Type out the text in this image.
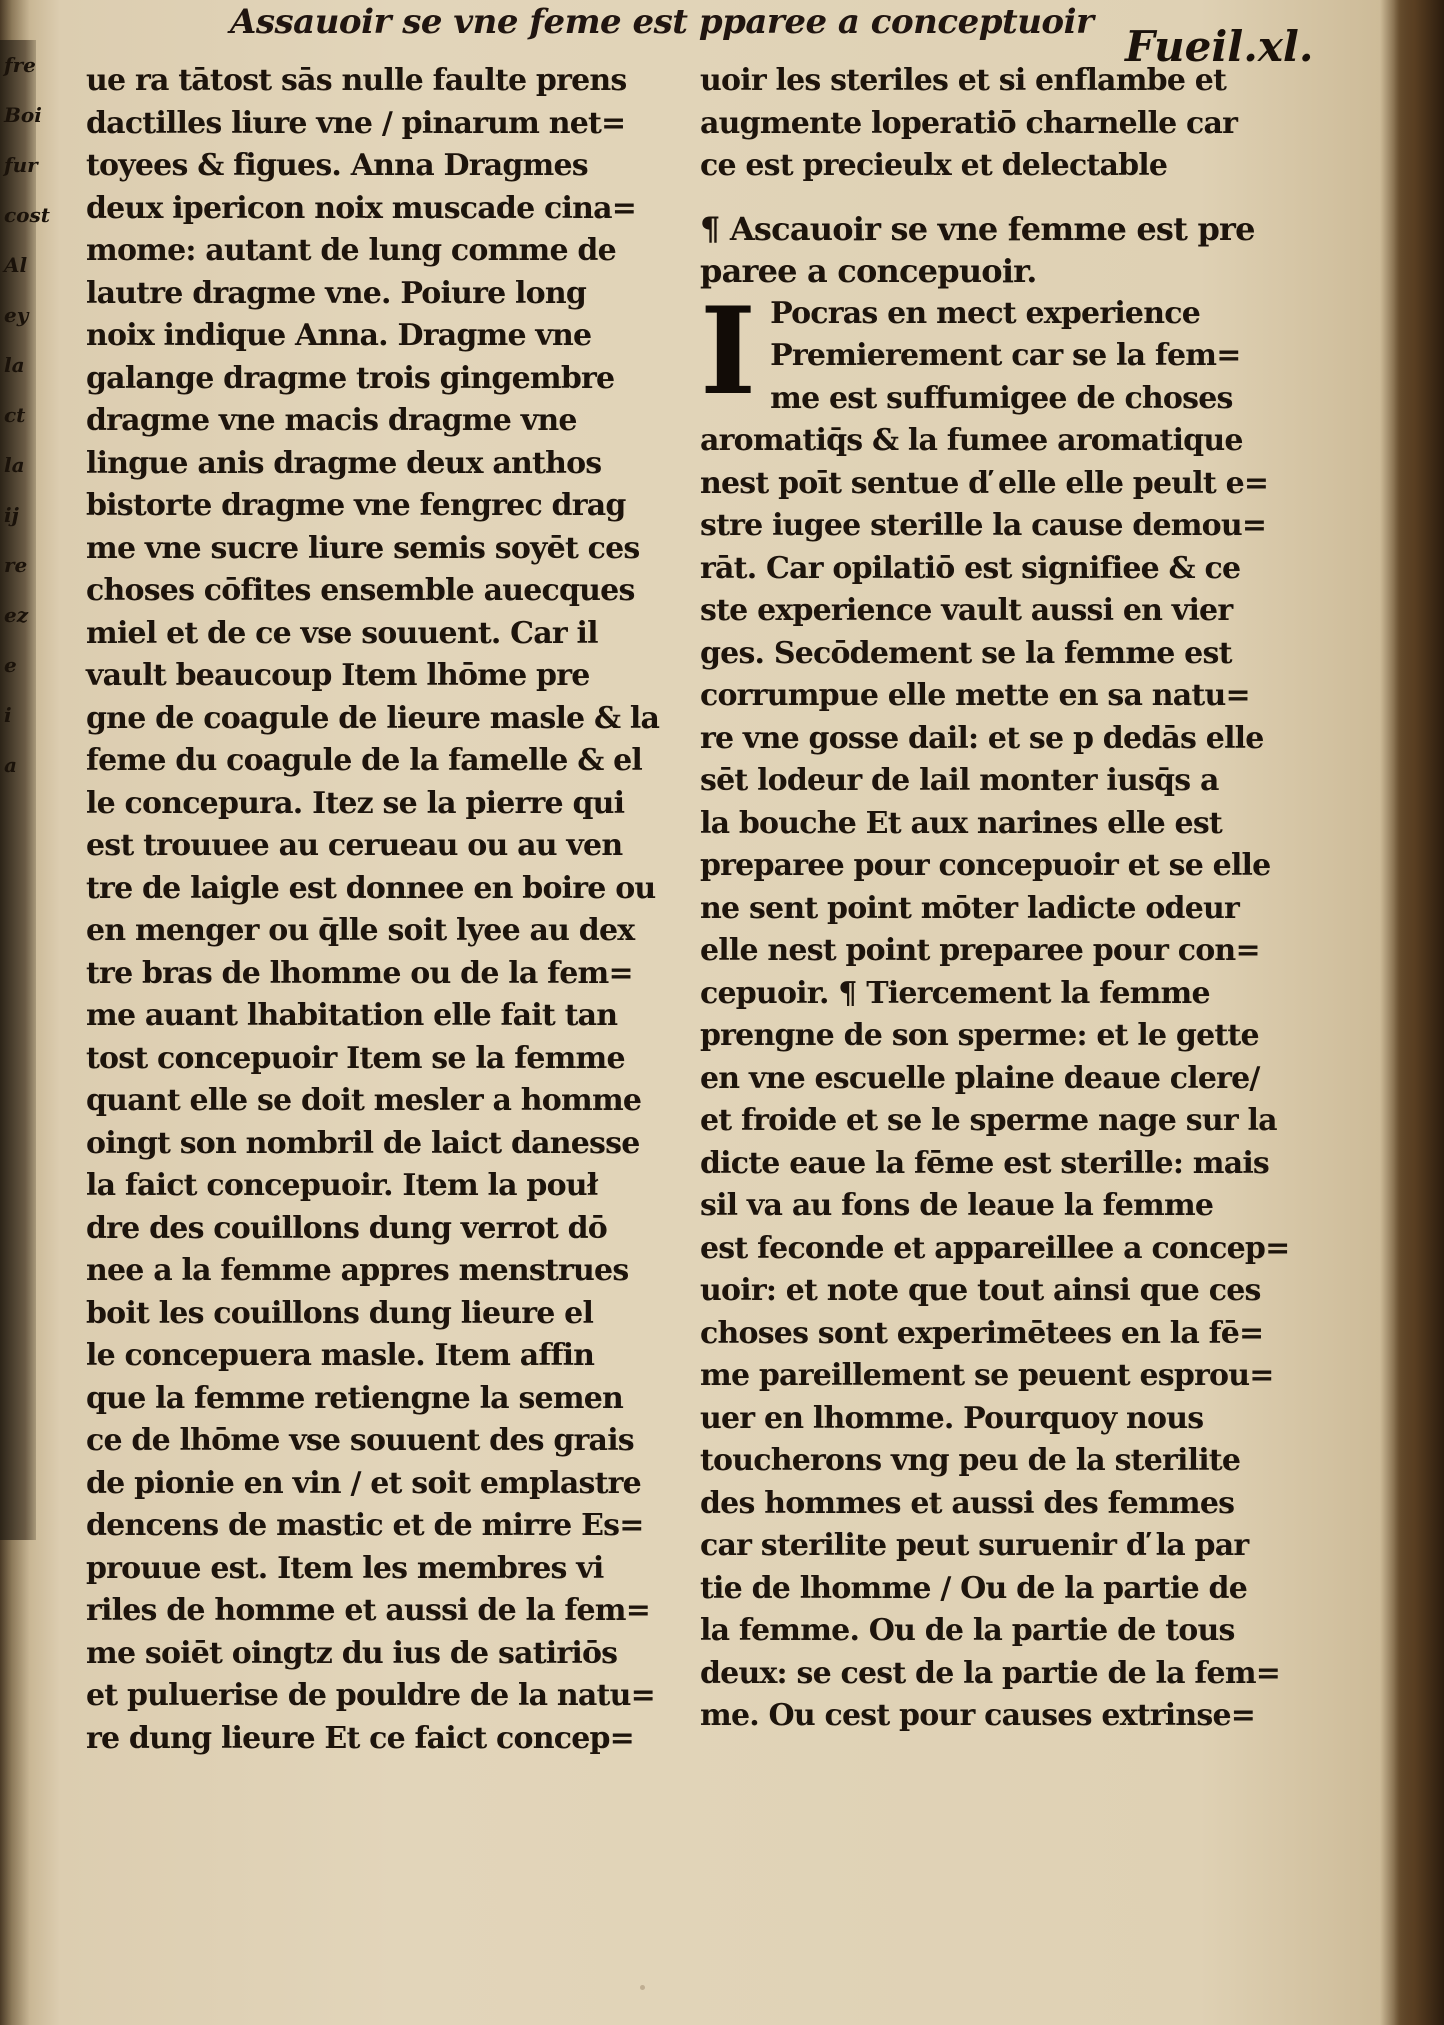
fre
Boi
fur
cost
Al
ey
la
ct
la
ij
re
ez
e
i
a
Assauoir se vne feme est pparee a conceptuoir Fueil.xl.
ue ra tātost sās nulle faulte prens
dactilles liure vne / pinarum net=
toyees & figues. Anna Dragmes
deux ipericon noix muscade cina=
mome: autant de lung comme de
lautre dragme vne. Poiure long
noix indique Anna. Dragme vne
galange dragme trois gingembre
dragme vne macis dragme vne
lingue anis dragme deux anthos
bistorte dragme vne fengrec drag
me vne sucre liure semis soyēt ces
choses cōfites ensemble auecques
miel et de ce vse souuent. Car il
vault beaucoup Item lhōme pre
gne de coagule de lieure masle & la
feme du coagule de la famelle & el
le concepura. Itez se la pierre qui
est trouuee au cerueau ou au ven
tre de laigle est donnee en boire ou
en menger ou q̄lle soit lyee au dex
tre bras de lhomme ou de la fem=
me auant lhabitation elle fait tan
tost concepuoir Item se la femme
quant elle se doit mesler a homme
oingt son nombril de laict danesse
la faict concepuoir. Item la pouł
dre des couillons dung verrot dō
nee a la femme appres menstrues
boit les couillons dung lieure el
le concepuera masle. Item affin
que la femme retiengne la semen
ce de lhōme vse souuent des grais
de pionie en vin / et soit emplastre
dencens de mastic et de mirre Es=
prouue est. Item les membres vi
riles de homme et aussi de la fem=
me soiēt oingtz du ius de satiriōs
et puluerise de pouldre de la natu=
re dung lieure Et ce faict concep=
uoir les steriles et si enflambe et
augmente loperatiō charnelle car
ce est precieulx et delectable
¶ Ascauoir se vne femme est pre
paree a concepuoir.
I Pocras en mect experience
Premierement car se la fem=
me est suffumigee de choses
aromatiq̄s & la fumee aromatique
nest poīt sentue ď elle elle peult e=
stre iugee sterille la cause demou=
rāt. Car opilatiō est signifiee & ce
ste experience vault aussi en vier
ges. Secōdement se la femme est
corrumpue elle mette en sa natu=
re vne gosse dail: et se p dedās elle
sēt lodeur de lail monter iusq̄s a
la bouche Et aux narines elle est
preparee pour concepuoir et se elle
ne sent point mōter ladicte odeur
elle nest point preparee pour con=
cepuoir. ¶ Tiercement la femme
prengne de son sperme: et le gette
en vne escuelle plaine deaue clere/
et froide et se le sperme nage sur la
dicte eaue la fēme est sterille: mais
sil va au fons de leaue la femme
est feconde et appareillee a concep=
uoir: et note que tout ainsi que ces
choses sont experimētees en la fē=
me pareillement se peuent esprou=
uer en lhomme. Pourquoy nous
toucherons vng peu de la sterilite
des hommes et aussi des femmes
car sterilite peut suruenir ď la par
tie de lhomme / Ou de la partie de
la femme. Ou de la partie de tous
deux: se cest de la partie de la fem=
me. Ou cest pour causes extrinse=
